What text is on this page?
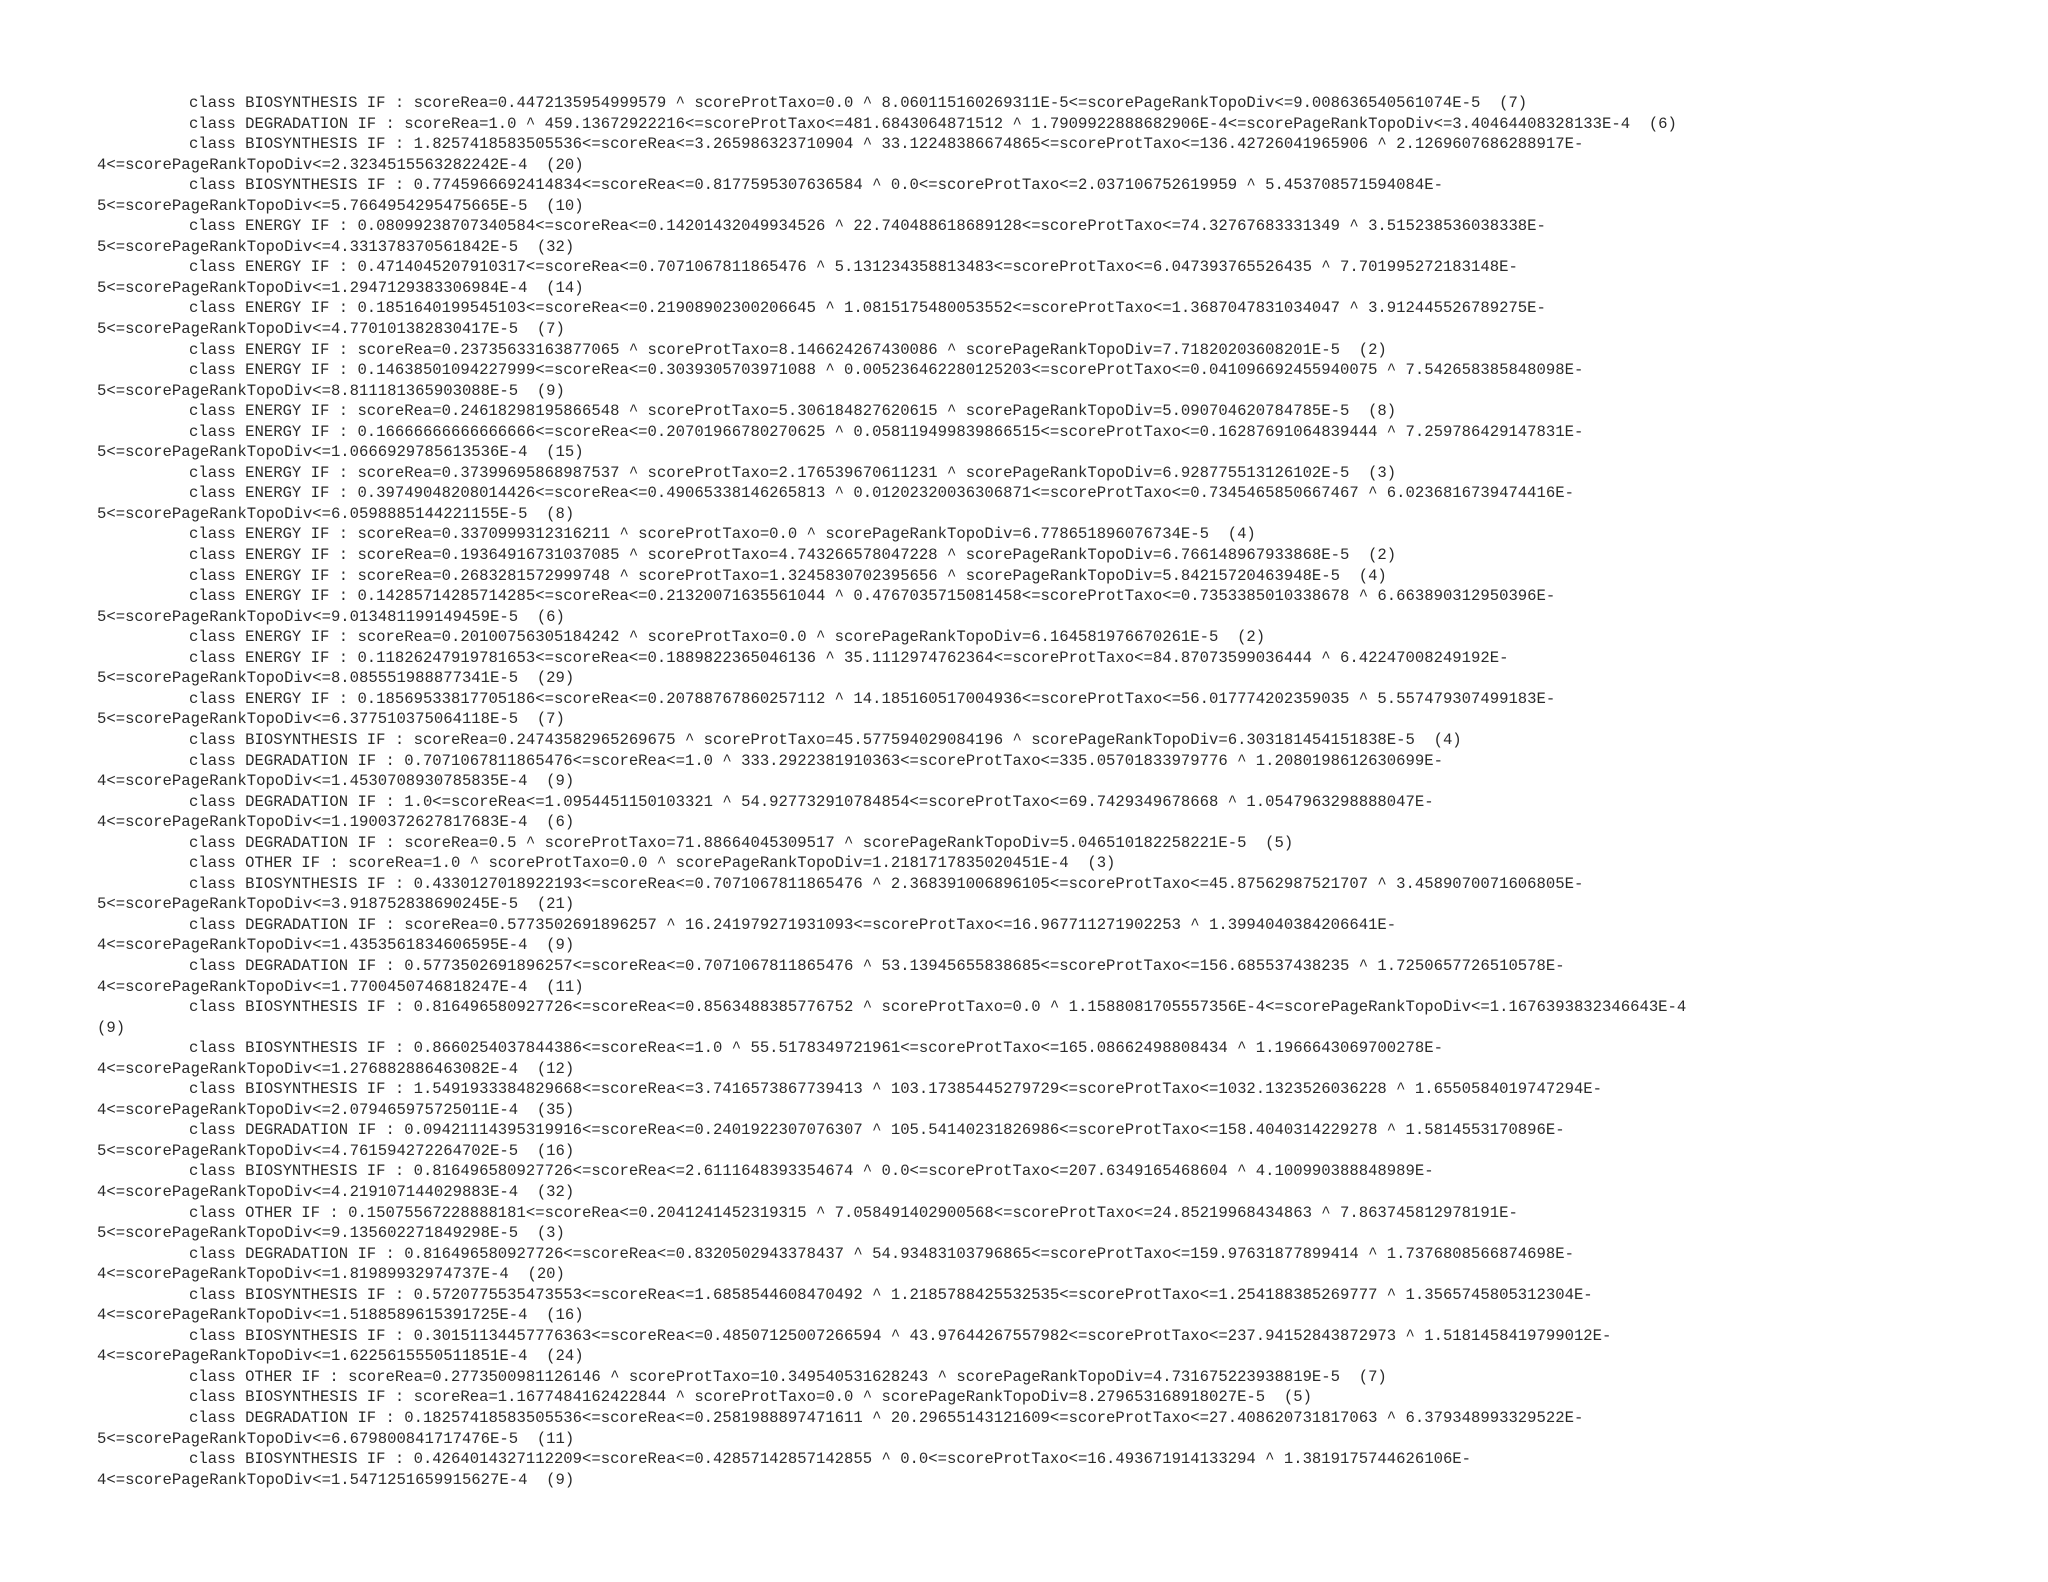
class BIOSYNTHESIS IF : scoreRea=0.4472135954999579 ^ scoreProtTaxo=0.0 ^ 8.060115160269311E-5<=scorePageRankTopoDiv<=9.008636540561074E-5  (7)
class DEGRADATION IF : scoreRea=1.0 ^ 459.13672922216<=scoreProtTaxo<=481.6843064871512 ^ 1.7909922888682906E-4<=scorePageRankTopoDiv<=3.40464408328133E-4  (6)
class BIOSYNTHESIS IF : 1.8257418583505536<=scoreRea<=3.265986323710904 ^ 33.12248386674865<=scoreProtTaxo<=136.42726041965906 ^ 2.1269607686288917E-
4<=scorePageRankTopoDiv<=2.3234515563282242E-4  (20)
class BIOSYNTHESIS IF : 0.7745966692414834<=scoreRea<=0.8177595307636584 ^ 0.0<=scoreProtTaxo<=2.037106752619959 ^ 5.453708571594084E-
5<=scorePageRankTopoDiv<=5.7664954295475665E-5  (10)
class ENERGY IF : 0.08099238707340584<=scoreRea<=0.14201432049934526 ^ 22.740488618689128<=scoreProtTaxo<=74.32767683331349 ^ 3.515238536038338E-
5<=scorePageRankTopoDiv<=4.331378370561842E-5  (32)
class ENERGY IF : 0.4714045207910317<=scoreRea<=0.7071067811865476 ^ 5.131234358813483<=scoreProtTaxo<=6.047393765526435 ^ 7.701995272183148E-
5<=scorePageRankTopoDiv<=1.2947129383306984E-4  (14)
class ENERGY IF : 0.1851640199545103<=scoreRea<=0.21908902300206645 ^ 1.0815175480053552<=scoreProtTaxo<=1.3687047831034047 ^ 3.912445526789275E-
5<=scorePageRankTopoDiv<=4.770101382830417E-5  (7)
class ENERGY IF : scoreRea=0.23735633163877065 ^ scoreProtTaxo=8.146624267430086 ^ scorePageRankTopoDiv=7.71820203608201E-5  (2)
class ENERGY IF : 0.14638501094227999<=scoreRea<=0.3039305703971088 ^ 0.005236462280125203<=scoreProtTaxo<=0.041096692455940075 ^ 7.542658385848098E-
5<=scorePageRankTopoDiv<=8.811181365903088E-5  (9)
class ENERGY IF : scoreRea=0.24618298195866548 ^ scoreProtTaxo=5.306184827620615 ^ scorePageRankTopoDiv=5.090704620784785E-5  (8)
class ENERGY IF : 0.16666666666666666<=scoreRea<=0.20701966780270625 ^ 0.058119499839866515<=scoreProtTaxo<=0.16287691064839444 ^ 7.259786429147831E-
5<=scorePageRankTopoDiv<=1.0666929785613536E-4  (15)
class ENERGY IF : scoreRea=0.37399695868987537 ^ scoreProtTaxo=2.176539670611231 ^ scorePageRankTopoDiv=6.928775513126102E-5  (3)
class ENERGY IF : 0.39749048208014426<=scoreRea<=0.49065338146265813 ^ 0.01202320036306871<=scoreProtTaxo<=0.7345465850667467 ^ 6.0236816739474416E-
5<=scorePageRankTopoDiv<=6.0598885144221155E-5  (8)
class ENERGY IF : scoreRea=0.3370999312316211 ^ scoreProtTaxo=0.0 ^ scorePageRankTopoDiv=6.778651896076734E-5  (4)
class ENERGY IF : scoreRea=0.19364916731037085 ^ scoreProtTaxo=4.743266578047228 ^ scorePageRankTopoDiv=6.766148967933868E-5  (2)
class ENERGY IF : scoreRea=0.2683281572999748 ^ scoreProtTaxo=1.3245830702395656 ^ scorePageRankTopoDiv=5.84215720463948E-5  (4)
class ENERGY IF : 0.14285714285714285<=scoreRea<=0.21320071635561044 ^ 0.4767035715081458<=scoreProtTaxo<=0.7353385010338678 ^ 6.663890312950396E-
5<=scorePageRankTopoDiv<=9.013481199149459E-5  (6)
class ENERGY IF : scoreRea=0.20100756305184242 ^ scoreProtTaxo=0.0 ^ scorePageRankTopoDiv=6.164581976670261E-5  (2)
class ENERGY IF : 0.11826247919781653<=scoreRea<=0.1889822365046136 ^ 35.1112974762364<=scoreProtTaxo<=84.87073599036444 ^ 6.42247008249192E-
5<=scorePageRankTopoDiv<=8.085551988877341E-5  (29)
class ENERGY IF : 0.18569533817705186<=scoreRea<=0.20788767860257112 ^ 14.185160517004936<=scoreProtTaxo<=56.017774202359035 ^ 5.557479307499183E-
5<=scorePageRankTopoDiv<=6.377510375064118E-5  (7)
class BIOSYNTHESIS IF : scoreRea=0.24743582965269675 ^ scoreProtTaxo=45.577594029084196 ^ scorePageRankTopoDiv=6.303181454151838E-5  (4)
class DEGRADATION IF : 0.7071067811865476<=scoreRea<=1.0 ^ 333.2922381910363<=scoreProtTaxo<=335.05701833979776 ^ 1.2080198612630699E-
4<=scorePageRankTopoDiv<=1.4530708930785835E-4  (9)
class DEGRADATION IF : 1.0<=scoreRea<=1.0954451150103321 ^ 54.927732910784854<=scoreProtTaxo<=69.7429349678668 ^ 1.0547963298888047E-
4<=scorePageRankTopoDiv<=1.1900372627817683E-4  (6)
class DEGRADATION IF : scoreRea=0.5 ^ scoreProtTaxo=71.88664045309517 ^ scorePageRankTopoDiv=5.046510182258221E-5  (5)
class OTHER IF : scoreRea=1.0 ^ scoreProtTaxo=0.0 ^ scorePageRankTopoDiv=1.2181717835020451E-4  (3)
class BIOSYNTHESIS IF : 0.4330127018922193<=scoreRea<=0.7071067811865476 ^ 2.368391006896105<=scoreProtTaxo<=45.87562987521707 ^ 3.4589070071606805E-
5<=scorePageRankTopoDiv<=3.918752838690245E-5  (21)
class DEGRADATION IF : scoreRea=0.5773502691896257 ^ 16.241979271931093<=scoreProtTaxo<=16.967711271902253 ^ 1.3994040384206641E-
4<=scorePageRankTopoDiv<=1.4353561834606595E-4  (9)
class DEGRADATION IF : 0.5773502691896257<=scoreRea<=0.7071067811865476 ^ 53.13945655838685<=scoreProtTaxo<=156.685537438235 ^ 1.7250657726510578E-
4<=scorePageRankTopoDiv<=1.7700450746818247E-4  (11)
class BIOSYNTHESIS IF : 0.816496580927726<=scoreRea<=0.8563488385776752 ^ scoreProtTaxo=0.0 ^ 1.1588081705557356E-4<=scorePageRankTopoDiv<=1.1676393832346643E-4
(9)
class BIOSYNTHESIS IF : 0.8660254037844386<=scoreRea<=1.0 ^ 55.5178349721961<=scoreProtTaxo<=165.08662498808434 ^ 1.1966643069700278E-
4<=scorePageRankTopoDiv<=1.276882886463082E-4  (12)
class BIOSYNTHESIS IF : 1.5491933384829668<=scoreRea<=3.7416573867739413 ^ 103.17385445279729<=scoreProtTaxo<=1032.1323526036228 ^ 1.6550584019747294E-
4<=scorePageRankTopoDiv<=2.079465975725011E-4  (35)
class DEGRADATION IF : 0.09421114395319916<=scoreRea<=0.2401922307076307 ^ 105.54140231826986<=scoreProtTaxo<=158.4040314229278 ^ 1.5814553170896E-
5<=scorePageRankTopoDiv<=4.761594272264702E-5  (16)
class BIOSYNTHESIS IF : 0.816496580927726<=scoreRea<=2.6111648393354674 ^ 0.0<=scoreProtTaxo<=207.6349165468604 ^ 4.100990388848989E-
4<=scorePageRankTopoDiv<=4.219107144029883E-4  (32)
class OTHER IF : 0.15075567228888181<=scoreRea<=0.2041241452319315 ^ 7.058491402900568<=scoreProtTaxo<=24.85219968434863 ^ 7.863745812978191E-
5<=scorePageRankTopoDiv<=9.135602271849298E-5  (3)
class DEGRADATION IF : 0.816496580927726<=scoreRea<=0.8320502943378437 ^ 54.93483103796865<=scoreProtTaxo<=159.97631877899414 ^ 1.7376808566874698E-
4<=scorePageRankTopoDiv<=1.81989932974737E-4  (20)
class BIOSYNTHESIS IF : 0.5720775535473553<=scoreRea<=1.6858544608470492 ^ 1.2185788425532535<=scoreProtTaxo<=1.254188385269777 ^ 1.3565745805312304E-
4<=scorePageRankTopoDiv<=1.5188589615391725E-4  (16)
class BIOSYNTHESIS IF : 0.30151134457776363<=scoreRea<=0.48507125007266594 ^ 43.97644267557982<=scoreProtTaxo<=237.94152843872973 ^ 1.5181458419799012E-
4<=scorePageRankTopoDiv<=1.6225615550511851E-4  (24)
class OTHER IF : scoreRea=0.2773500981126146 ^ scoreProtTaxo=10.349540531628243 ^ scorePageRankTopoDiv=4.731675223938819E-5  (7)
class BIOSYNTHESIS IF : scoreRea=1.1677484162422844 ^ scoreProtTaxo=0.0 ^ scorePageRankTopoDiv=8.279653168918027E-5  (5)
class DEGRADATION IF : 0.18257418583505536<=scoreRea<=0.2581988897471611 ^ 20.29655143121609<=scoreProtTaxo<=27.408620731817063 ^ 6.379348993329522E-
5<=scorePageRankTopoDiv<=6.679800841717476E-5  (11)
class BIOSYNTHESIS IF : 0.4264014327112209<=scoreRea<=0.42857142857142855 ^ 0.0<=scoreProtTaxo<=16.493671914133294 ^ 1.3819175744626106E-
4<=scorePageRankTopoDiv<=1.5471251659915627E-4  (9)
